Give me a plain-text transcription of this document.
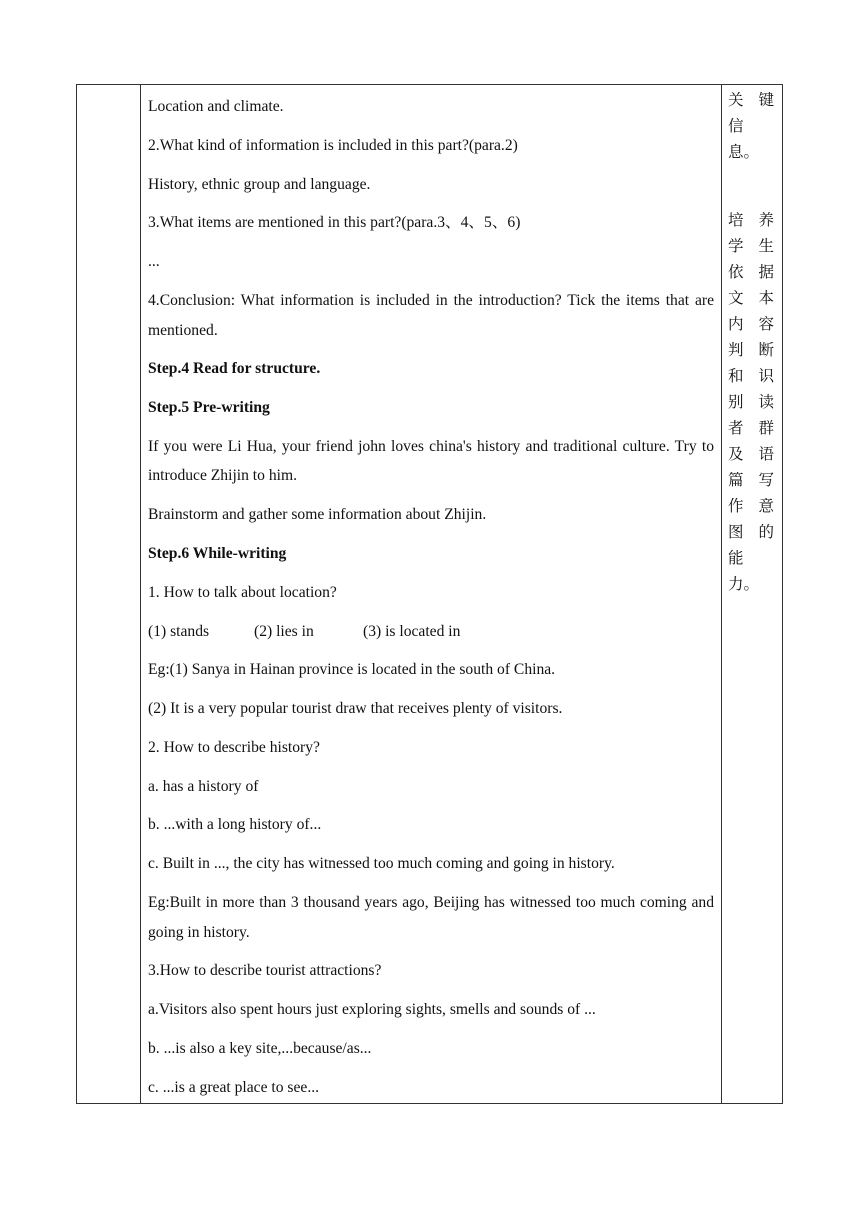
Location and climate.

2.What kind of information is included in this part?(para.2)

History, ethnic group and language.

3.What items are mentioned in this part?(para.3、4、5、6)

...

4.Conclusion: What information is included in the introduction? Tick the items that are mentioned.

Step.4 Read for structure.

Step.5 Pre-writing

If you were Li Hua, your friend john loves china's history and traditional culture. Try to introduce Zhijin to him.

Brainstorm and gather some information about Zhijin.

Step.6 While-writing

1. How to talk about location?

(1) stands	(2) lies in	(3) is located in

Eg:(1) Sanya in Hainan province is located in the south of China.

(2) It is a very popular tourist draw that receives plenty of visitors.

2. How to describe history?

a. has a history of

b. ...with a long history of...

c. Built in ..., the city has witnessed too much coming and going in history.

Eg:Built in more than 3 thousand years ago, Beijing has witnessed too much coming and going in history.

3.How to describe tourist attractions?

a.Visitors also spent hours just exploring sights, smells and sounds of ...

b. ...is also a key site,...because/as...

c. ...is a great place to see...

关 键
信息。
培 养
学 生
依 据
文 本
内 容
判 断
和 识
别 读
者 群
及 语
篇 写
作 意
图 的
能力。
